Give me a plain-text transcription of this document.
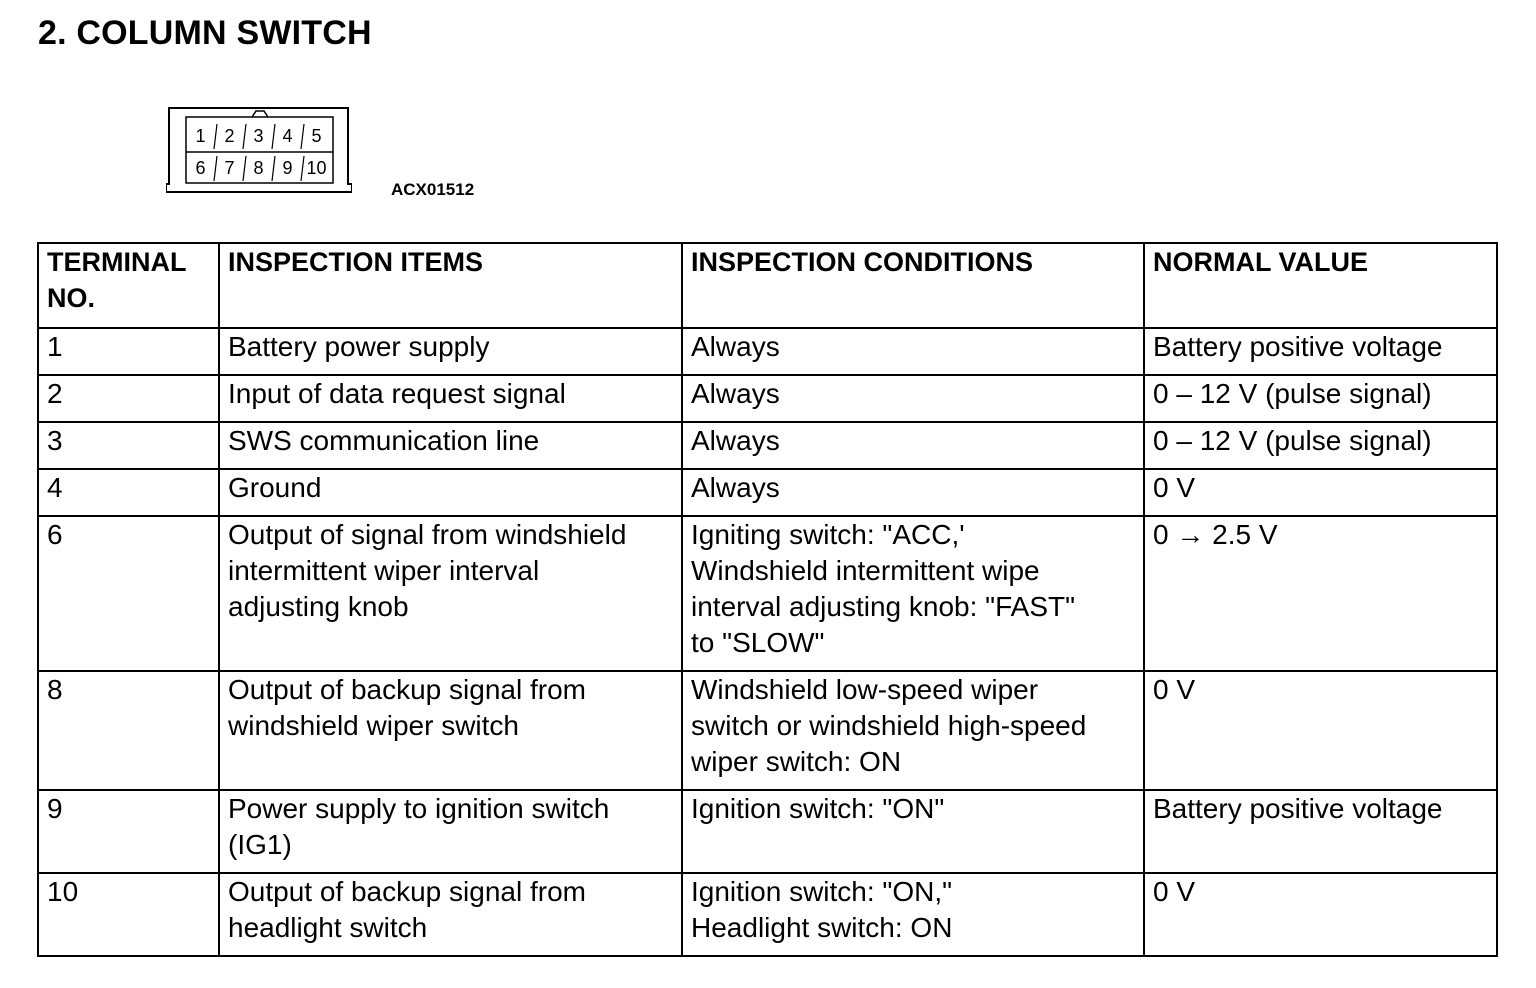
2. COLUMN SWITCH
1 2 3 4 5
6 7 8 9 10
ACX01512
TERMINAL NO.	INSPECTION ITEMS	INSPECTION CONDITIONS	NORMAL VALUE

1	Battery power supply	Always	Battery positive voltage

2	Input of data request signal	Always	0 – 12 V (pulse signal)

3	SWS communication line	Always	0 – 12 V (pulse signal)

4	Ground	Always	0 V

6	Output of signal from windshield
intermittent wiper interval
adjusting knob	Igniting switch: "ACC,'
Windshield intermittent wipe
interval adjusting knob: "FAST"
to "SLOW"	0 → 2.5 V

8	Output of backup signal from
windshield wiper switch	Windshield low-speed wiper
switch or windshield high-speed
wiper switch: ON	0 V

9	Power supply to ignition switch
(IG1)	Ignition switch: "ON"	Battery positive voltage

10	Output of backup signal from
headlight switch	Ignition switch: "ON,"
Headlight switch: ON	0 V
